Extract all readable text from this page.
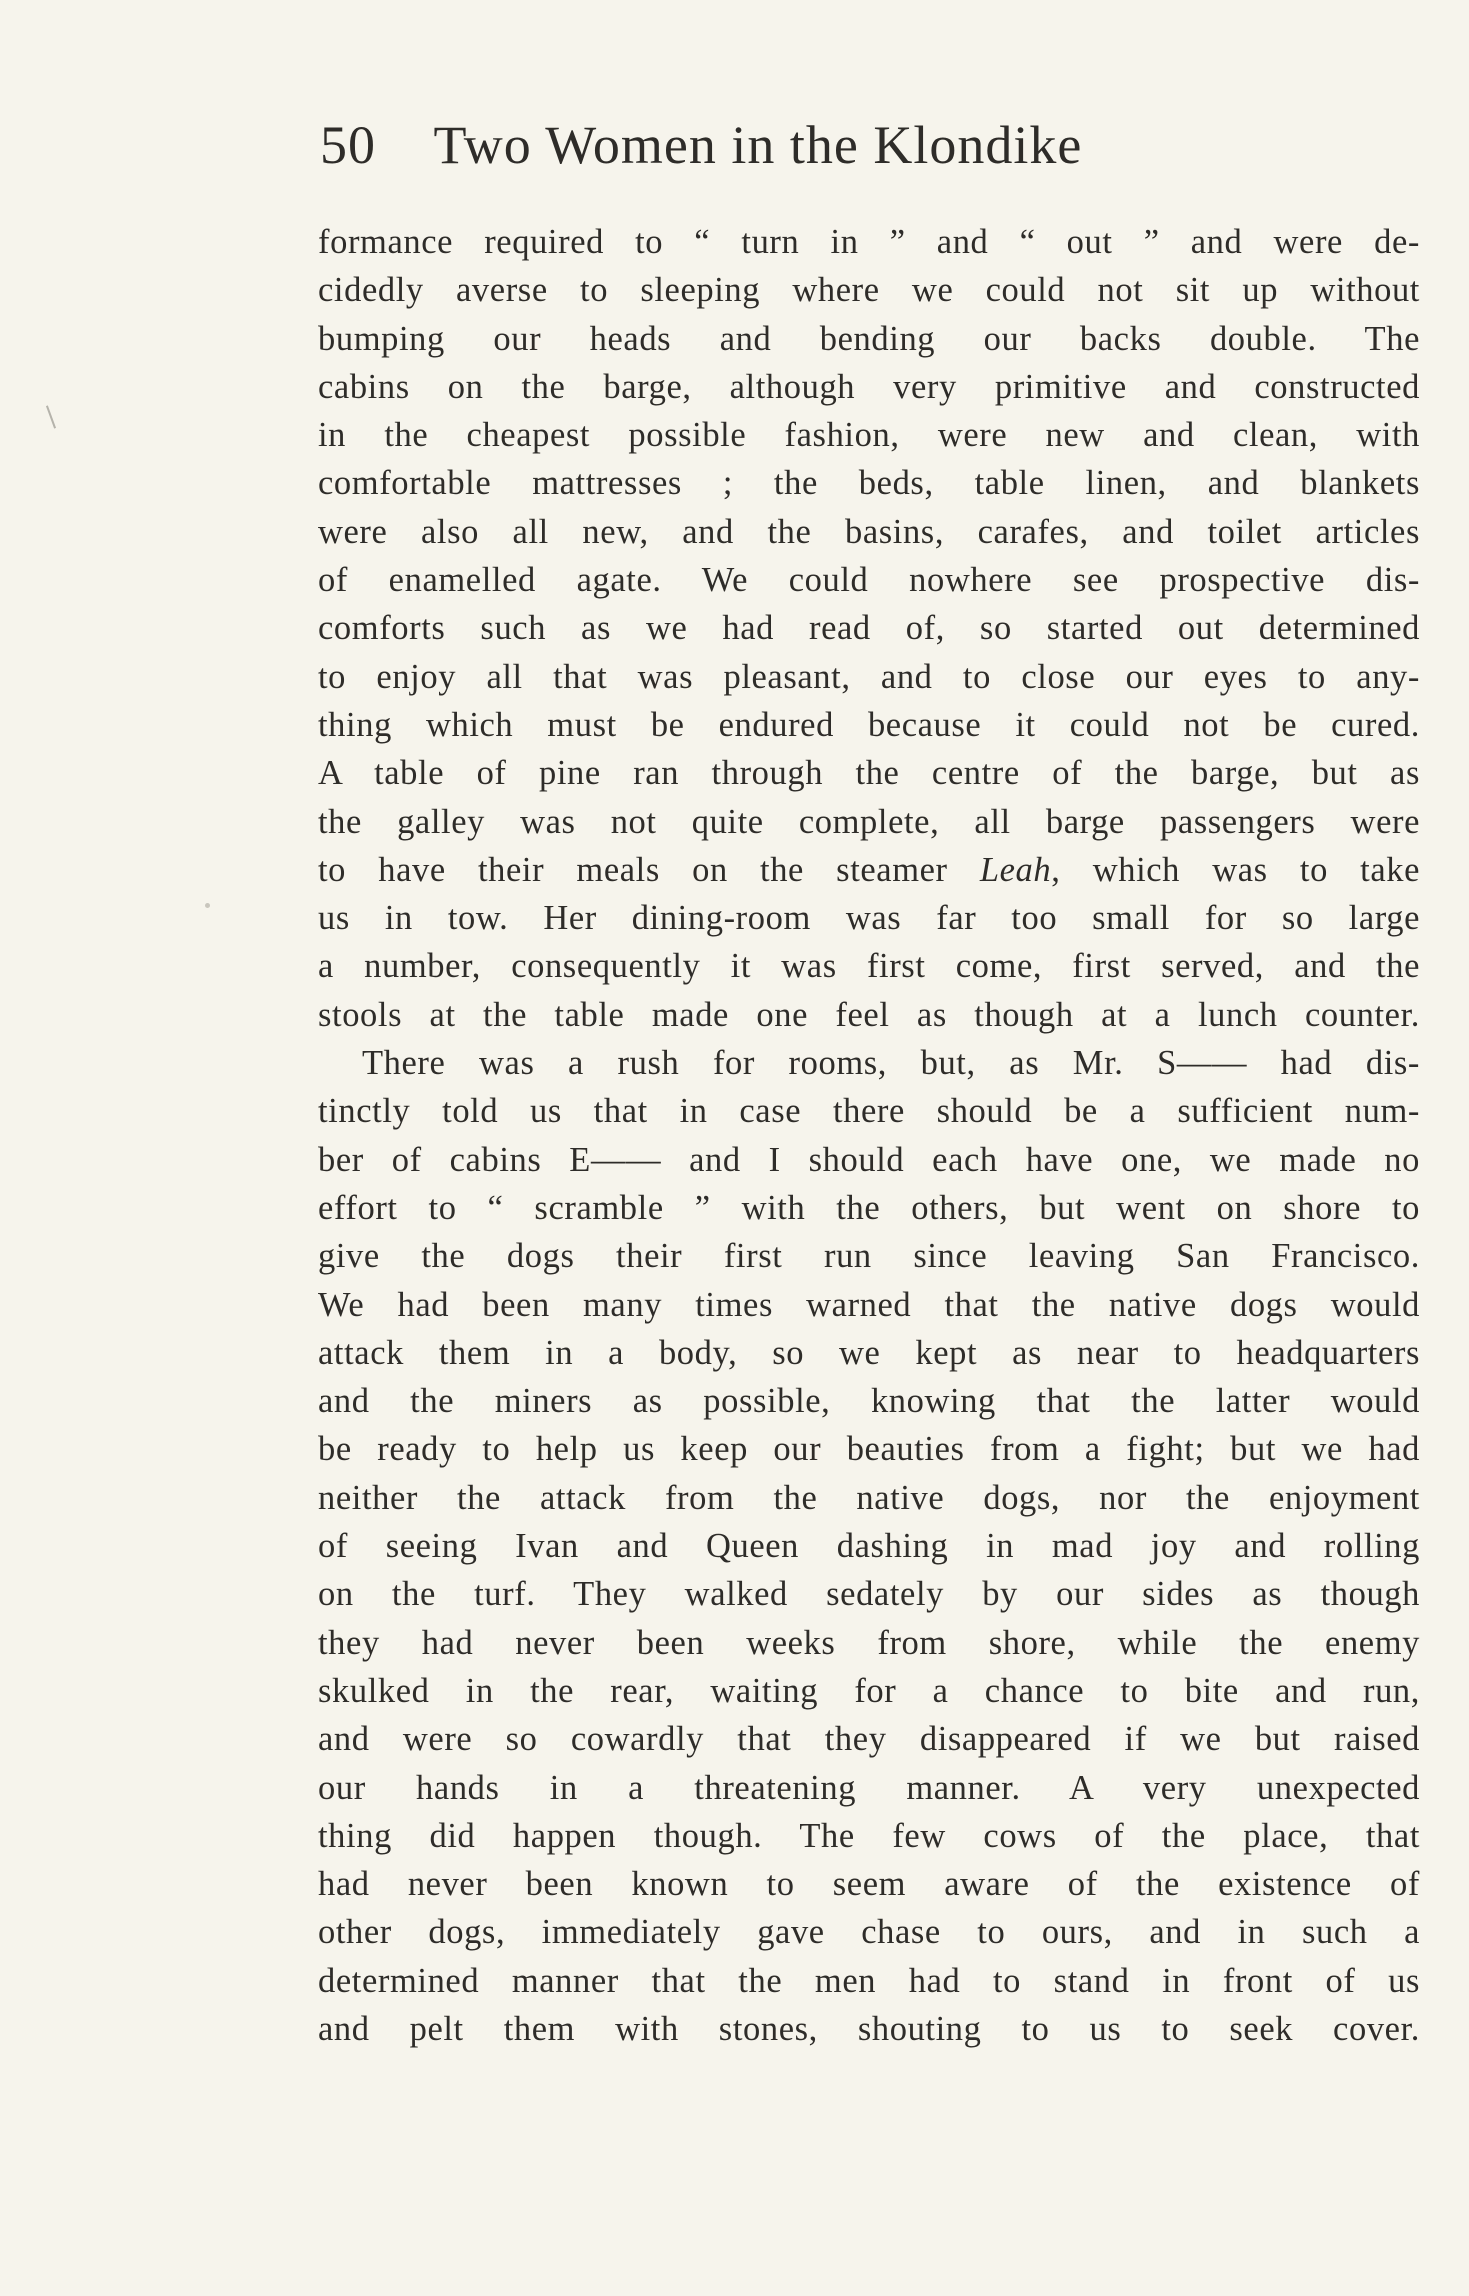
50 Two Women in the Klondike
formance required to “ turn in ” and “ out ” and were de-
cidedly averse to sleeping where we could not sit up without
bumping our heads and bending our backs double. The
cabins on the barge, although very primitive and constructed
in the cheapest possible fashion, were new and clean, with
comfortable mattresses ; the beds, table linen, and blankets
were also all new, and the basins, carafes, and toilet articles
of enamelled agate. We could nowhere see prospective dis-
comforts such as we had read of, so started out determined
to enjoy all that was pleasant, and to close our eyes to any-
thing which must be endured because it could not be cured.
A table of pine ran through the centre of the barge, but as
the galley was not quite complete, all barge passengers were
to have their meals on the steamer Leah, which was to take
us in tow. Her dining-room was far too small for so large
a number, consequently it was first come, first served, and the
stools at the table made one feel as though at a lunch counter.
There was a rush for rooms, but, as Mr. S—— had dis-
tinctly told us that in case there should be a sufficient num-
ber of cabins E—— and I should each have one, we made no
effort to “ scramble ” with the others, but went on shore to
give the dogs their first run since leaving San Francisco.
We had been many times warned that the native dogs would
attack them in a body, so we kept as near to headquarters
and the miners as possible, knowing that the latter would
be ready to help us keep our beauties from a fight; but we had
neither the attack from the native dogs, nor the enjoyment
of seeing Ivan and Queen dashing in mad joy and rolling
on the turf. They walked sedately by our sides as though
they had never been weeks from shore, while the enemy
skulked in the rear, waiting for a chance to bite and run,
and were so cowardly that they disappeared if we but raised
our hands in a threatening manner. A very unexpected
thing did happen though. The few cows of the place, that
had never been known to seem aware of the existence of
other dogs, immediately gave chase to ours, and in such a
determined manner that the men had to stand in front of us
and pelt them with stones, shouting to us to seek cover.
